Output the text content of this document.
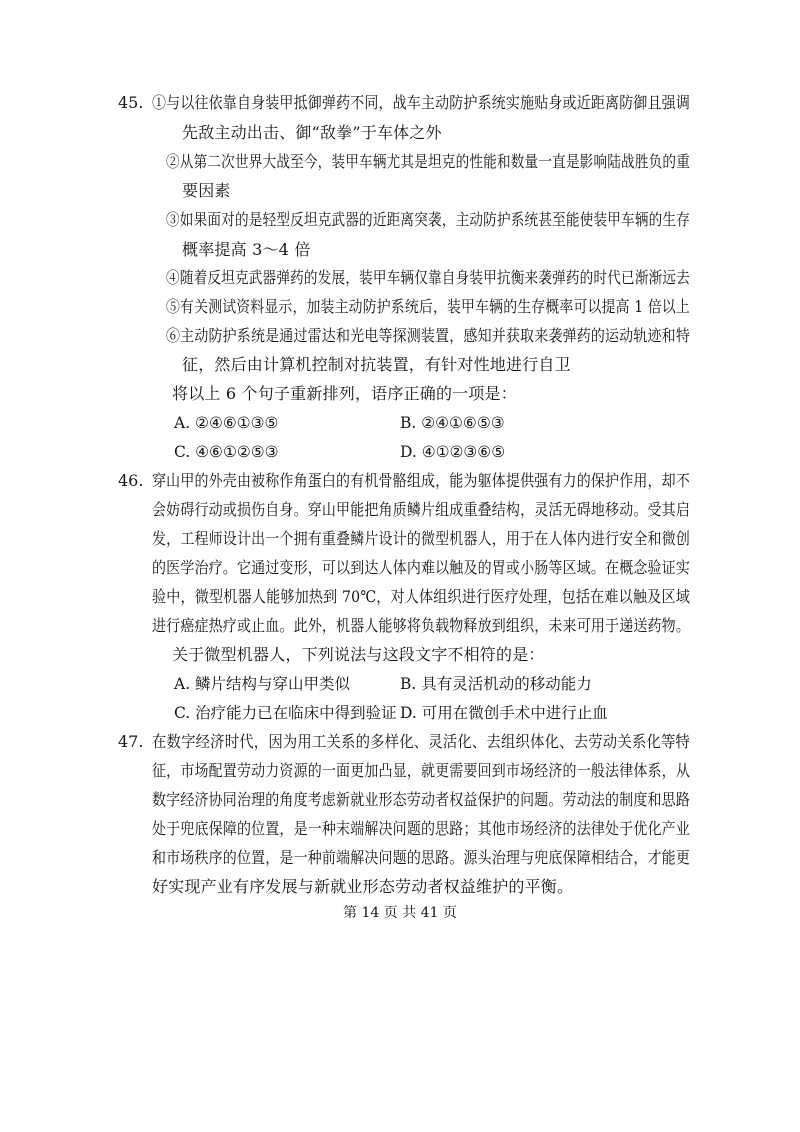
45. ①与以往依靠自身装甲抵御弹药不同，战车主动防护系统实施贴身或近距离防御且强调
先敌主动出击、御“敌拳”于车体之外
②从第二次世界大战至今，装甲车辆尤其是坦克的性能和数量一直是影响陆战胜负的重
要因素
③如果面对的是轻型反坦克武器的近距离突袭，主动防护系统甚至能使装甲车辆的生存
概率提高 3～4 倍
④随着反坦克武器弹药的发展，装甲车辆仅靠自身装甲抗衡来袭弹药的时代已渐渐远去
⑤有关测试资料显示，加装主动防护系统后，装甲车辆的生存概率可以提高 1 倍以上
⑥主动防护系统是通过雷达和光电等探测装置，感知并获取来袭弹药的运动轨迹和特
征，然后由计算机控制对抗装置，有针对性地进行自卫
将以上 6 个句子重新排列，语序正确的一项是：
A. ②④⑥①③⑤	B. ②④①⑥⑤③
C. ④⑥①②⑤③	D. ④①②③⑥⑤
46. 穿山甲的外壳由被称作角蛋白的有机骨骼组成，能为躯体提供强有力的保护作用，却不
会妨碍行动或损伤自身。穿山甲能把角质鳞片组成重叠结构，灵活无碍地移动。受其启
发，工程师设计出一个拥有重叠鳞片设计的微型机器人，用于在人体内进行安全和微创
的医学治疗。它通过变形，可以到达人体内难以触及的胃或小肠等区域。在概念验证实
验中，微型机器人能够加热到 70℃，对人体组织进行医疗处理，包括在难以触及区域
进行癌症热疗或止血。此外，机器人能够将负载物释放到组织，未来可用于递送药物。
关于微型机器人，下列说法与这段文字不相符的是：
A. 鳞片结构与穿山甲类似	B. 具有灵活机动的移动能力
C. 治疗能力已在临床中得到验证 D. 可用在微创手术中进行止血
47. 在数字经济时代，因为用工关系的多样化、灵活化、去组织体化、去劳动关系化等特
征，市场配置劳动力资源的一面更加凸显，就更需要回到市场经济的一般法律体系，从
数字经济协同治理的角度考虑新就业形态劳动者权益保护的问题。劳动法的制度和思路
处于兜底保障的位置，是一种末端解决问题的思路；其他市场经济的法律处于优化产业
和市场秩序的位置，是一种前端解决问题的思路。源头治理与兜底保障相结合，才能更
好实现产业有序发展与新就业形态劳动者权益维护的平衡。
第 14 页 共 41 页
